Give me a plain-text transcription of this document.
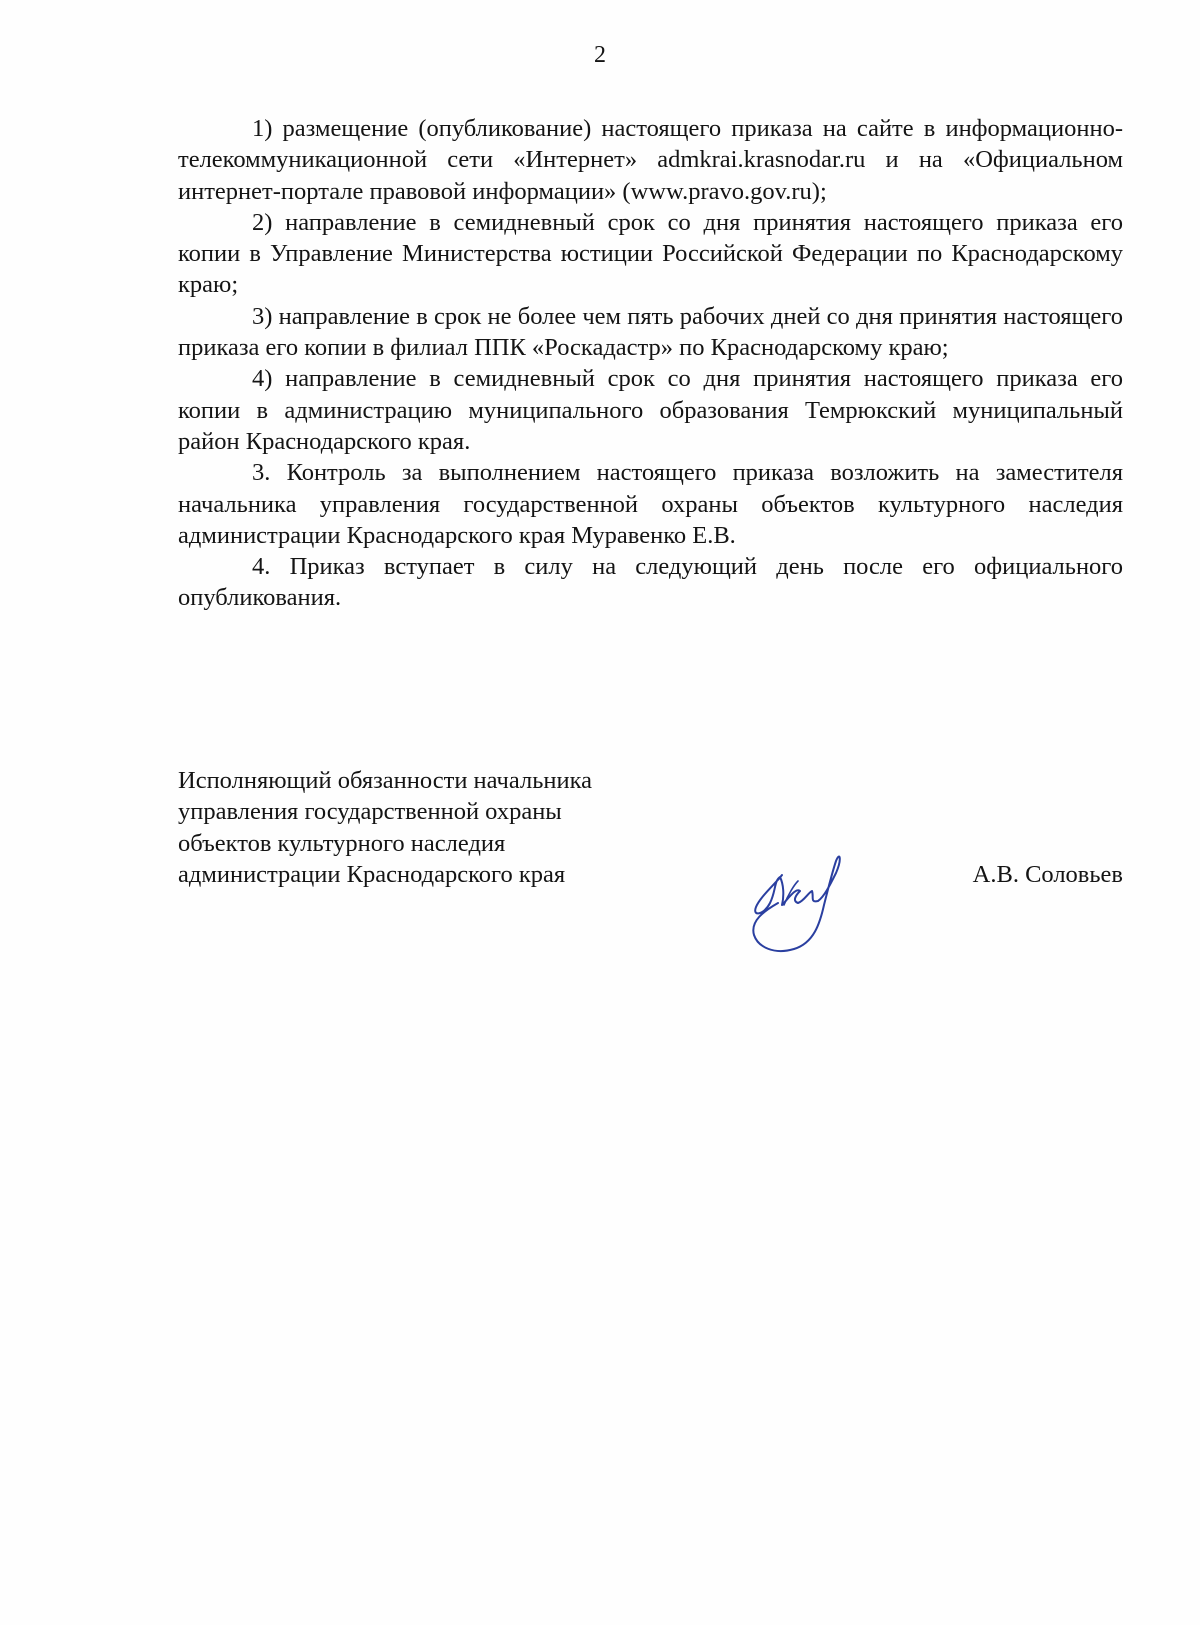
2

1) размещение (опубликование) настоящего приказа на сайте в информационно-телекоммуникационной сети «Интернет» admkrai.krasnodar.ru и на «Официальном интернет-портале правовой информации» (www.pravo.gov.ru);

2) направление в семидневный срок со дня принятия настоящего приказа его копии в Управление Министерства юстиции Российской Федерации по Краснодарскому краю;

3) направление в срок не более чем пять рабочих дней со дня принятия настоящего приказа его копии в филиал ППК «Роскадастр» по Краснодарскому краю;

4) направление в семидневный срок со дня принятия настоящего приказа его копии в администрацию муниципального образования Темрюкский муниципальный район Краснодарского края.

3. Контроль за выполнением настоящего приказа возложить на заместителя начальника управления государственной охраны объектов культурного наследия администрации Краснодарского края Муравенко Е.В.

4. Приказ вступает в силу на следующий день после его официального опубликования.

Исполняющий обязанности начальника
управления государственной охраны
объектов культурного наследия
администрации Краснодарского края	А.В. Соловьев
